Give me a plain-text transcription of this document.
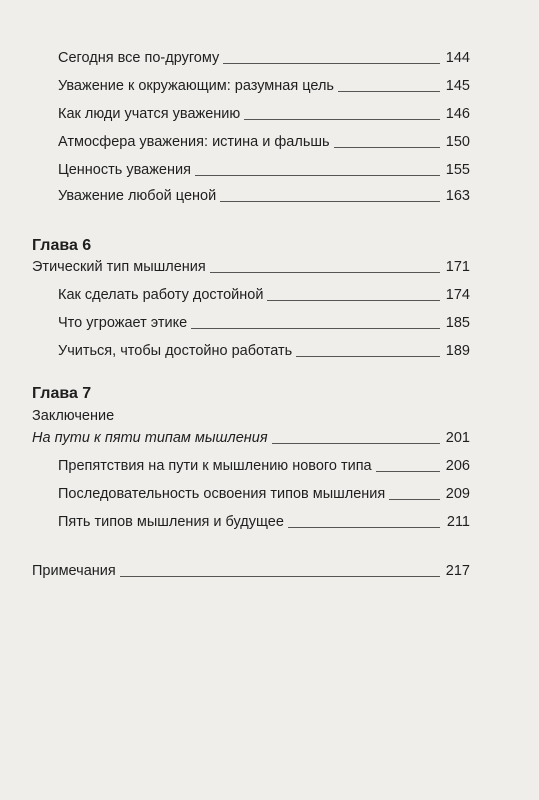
Сегодня все по-другому	144
Уважение к окружающим: разумная цель	145
Как люди учатся уважению	146
Атмосфера уважения: истина и фальшь	150
Ценность уважения	155
Уважение любой ценой	163
Глава 6
Этический тип мышления	171
Как сделать работу достойной	174
Что угрожает этике	185
Учиться, чтобы достойно работать	189
Глава 7
Заключение
На пути к пяти типам мышления	201
Препятствия на пути к мышлению нового типа	206
Последовательность освоения типов мышления	209
Пять типов мышления и будущее	211
Примечания	217
